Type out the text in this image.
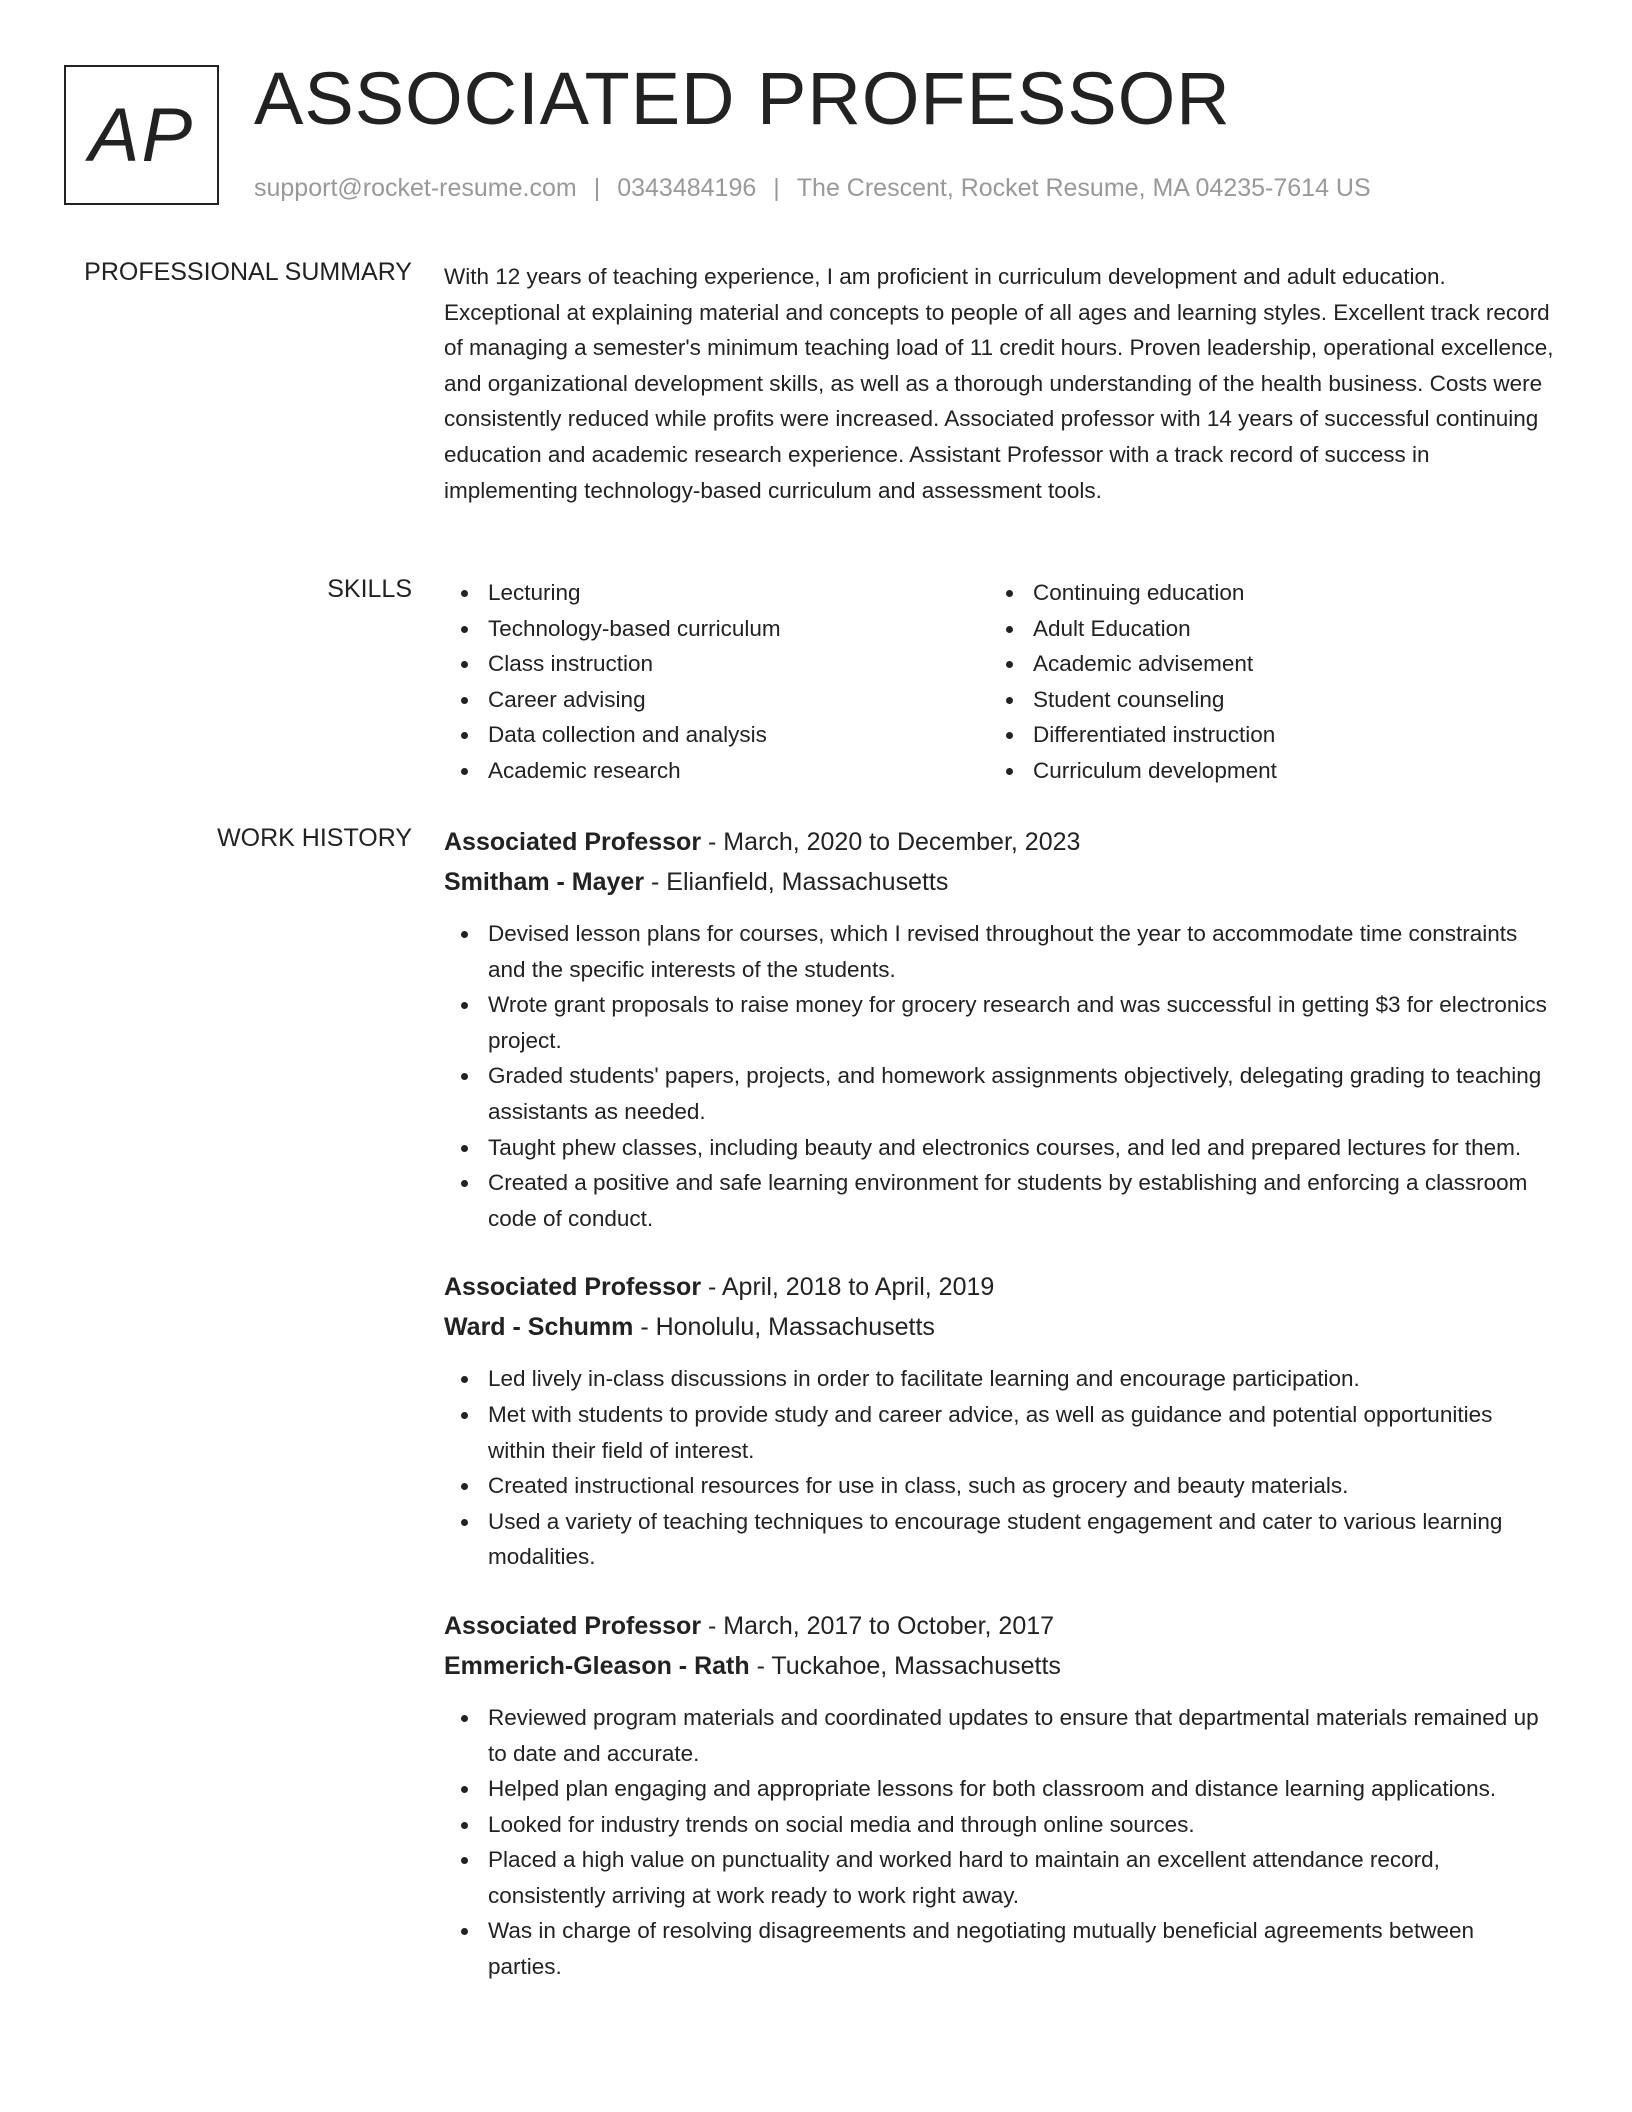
AP ASSOCIATED PROFESSOR
support@rocket-resume.com | 0343484196 | The Crescent, Rocket Resume, MA 04235-7614 US
PROFESSIONAL SUMMARY With 12 years of teaching experience, I am proficient in curriculum development and adult education. Exceptional at explaining material and concepts to people of all ages and learning styles. Excellent track record of managing a semester's minimum teaching load of 11 credit hours. Proven leadership, operational excellence, and organizational development skills, as well as a thorough understanding of the health business. Costs were consistently reduced while profits were increased. Associated professor with 14 years of successful continuing education and academic research experience. Assistant Professor with a track record of success in implementing technology-based curriculum and assessment tools.
SKILLS	Lecturing	Continuing education
Technology-based curriculum	Adult Education
Class instruction	Academic advisement
Career advising	Student counseling
Data collection and analysis	Differentiated instruction
Academic research	Curriculum development
WORK HISTORY Associated Professor - March, 2020 to December, 2023
Smitham - Mayer - Elianfield, Massachusetts
Devised lesson plans for courses, which I revised throughout the year to accommodate time constraints and the specific interests of the students.
Wrote grant proposals to raise money for grocery research and was successful in getting $3 for electronics project.
Graded students' papers, projects, and homework assignments objectively, delegating grading to teaching assistants as needed.
Taught phew classes, including beauty and electronics courses, and led and prepared lectures for them.
Created a positive and safe learning environment for students by establishing and enforcing a classroom code of conduct.
Associated Professor - April, 2018 to April, 2019
Ward - Schumm - Honolulu, Massachusetts
Led lively in-class discussions in order to facilitate learning and encourage participation.
Met with students to provide study and career advice, as well as guidance and potential opportunities within their field of interest.
Created instructional resources for use in class, such as grocery and beauty materials.
Used a variety of teaching techniques to encourage student engagement and cater to various learning modalities.
Associated Professor - March, 2017 to October, 2017
Emmerich-Gleason - Rath - Tuckahoe, Massachusetts
Reviewed program materials and coordinated updates to ensure that departmental materials remained up to date and accurate.
Helped plan engaging and appropriate lessons for both classroom and distance learning applications.
Looked for industry trends on social media and through online sources.
Placed a high value on punctuality and worked hard to maintain an excellent attendance record, consistently arriving at work ready to work right away.
Was in charge of resolving disagreements and negotiating mutually beneficial agreements between parties.
